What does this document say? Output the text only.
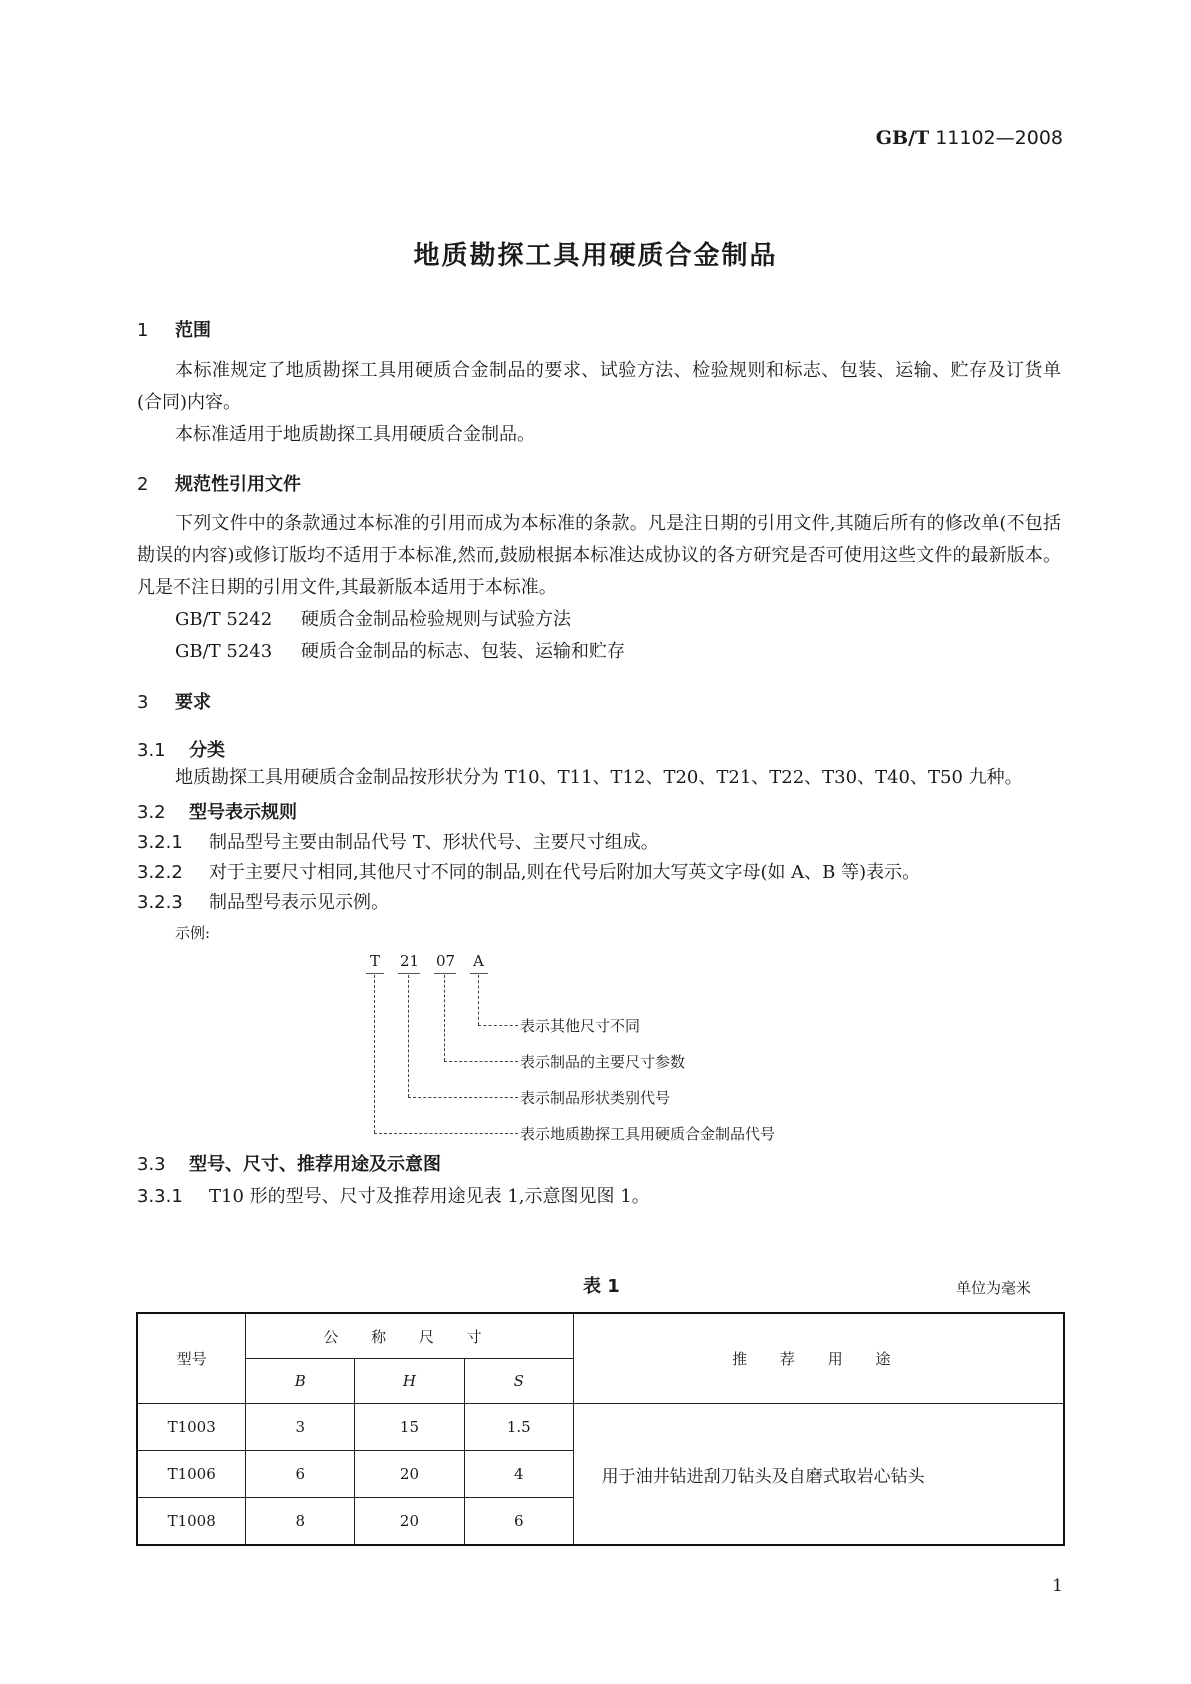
GB/T 11102—2008
地质勘探工具用硬质合金制品
1 范围
本标准规定了地质勘探工具用硬质合金制品的要求、试验方法、检验规则和标志、包装、运输、贮存及订货单(合同)内容。
本标准适用于地质勘探工具用硬质合金制品。
2 规范性引用文件
下列文件中的条款通过本标准的引用而成为本标准的条款。凡是注日期的引用文件,其随后所有的修改单(不包括勘误的内容)或修订版均不适用于本标准,然而,鼓励根据本标准达成协议的各方研究是否可使用这些文件的最新版本。凡是不注日期的引用文件,其最新版本适用于本标准。
GB/T 5242 硬质合金制品检验规则与试验方法
GB/T 5243 硬质合金制品的标志、包装、运输和贮存
3 要求
3.1 分类
地质勘探工具用硬质合金制品按形状分为 T10、T11、T12、T20、T21、T22、T30、T40、T50 九种。
3.2 型号表示规则
3.2.1 制品型号主要由制品代号 T、形状代号、主要尺寸组成。
3.2.2 对于主要尺寸相同,其他尺寸不同的制品,则在代号后附加大写英文字母(如 A、B 等)表示。
3.2.3 制品型号表示见示例。
示例:
T 21 07 A
表示其他尺寸不同
表示制品的主要尺寸参数
表示制品形状类别代号
表示地质勘探工具用硬质合金制品代号
3.3 型号、尺寸、推荐用途及示意图
3.3.1 T10 形的型号、尺寸及推荐用途见表 1,示意图见图 1。
表 1	单位为毫米
型号	公 称 尺 寸			推 荐 用 途
	B	H	S	
T1003	3	15	1.5	用于油井钻进刮刀钻头及自磨式取岩心钻头
T1006	6	20	4	
T1008	8	20	6	
1
